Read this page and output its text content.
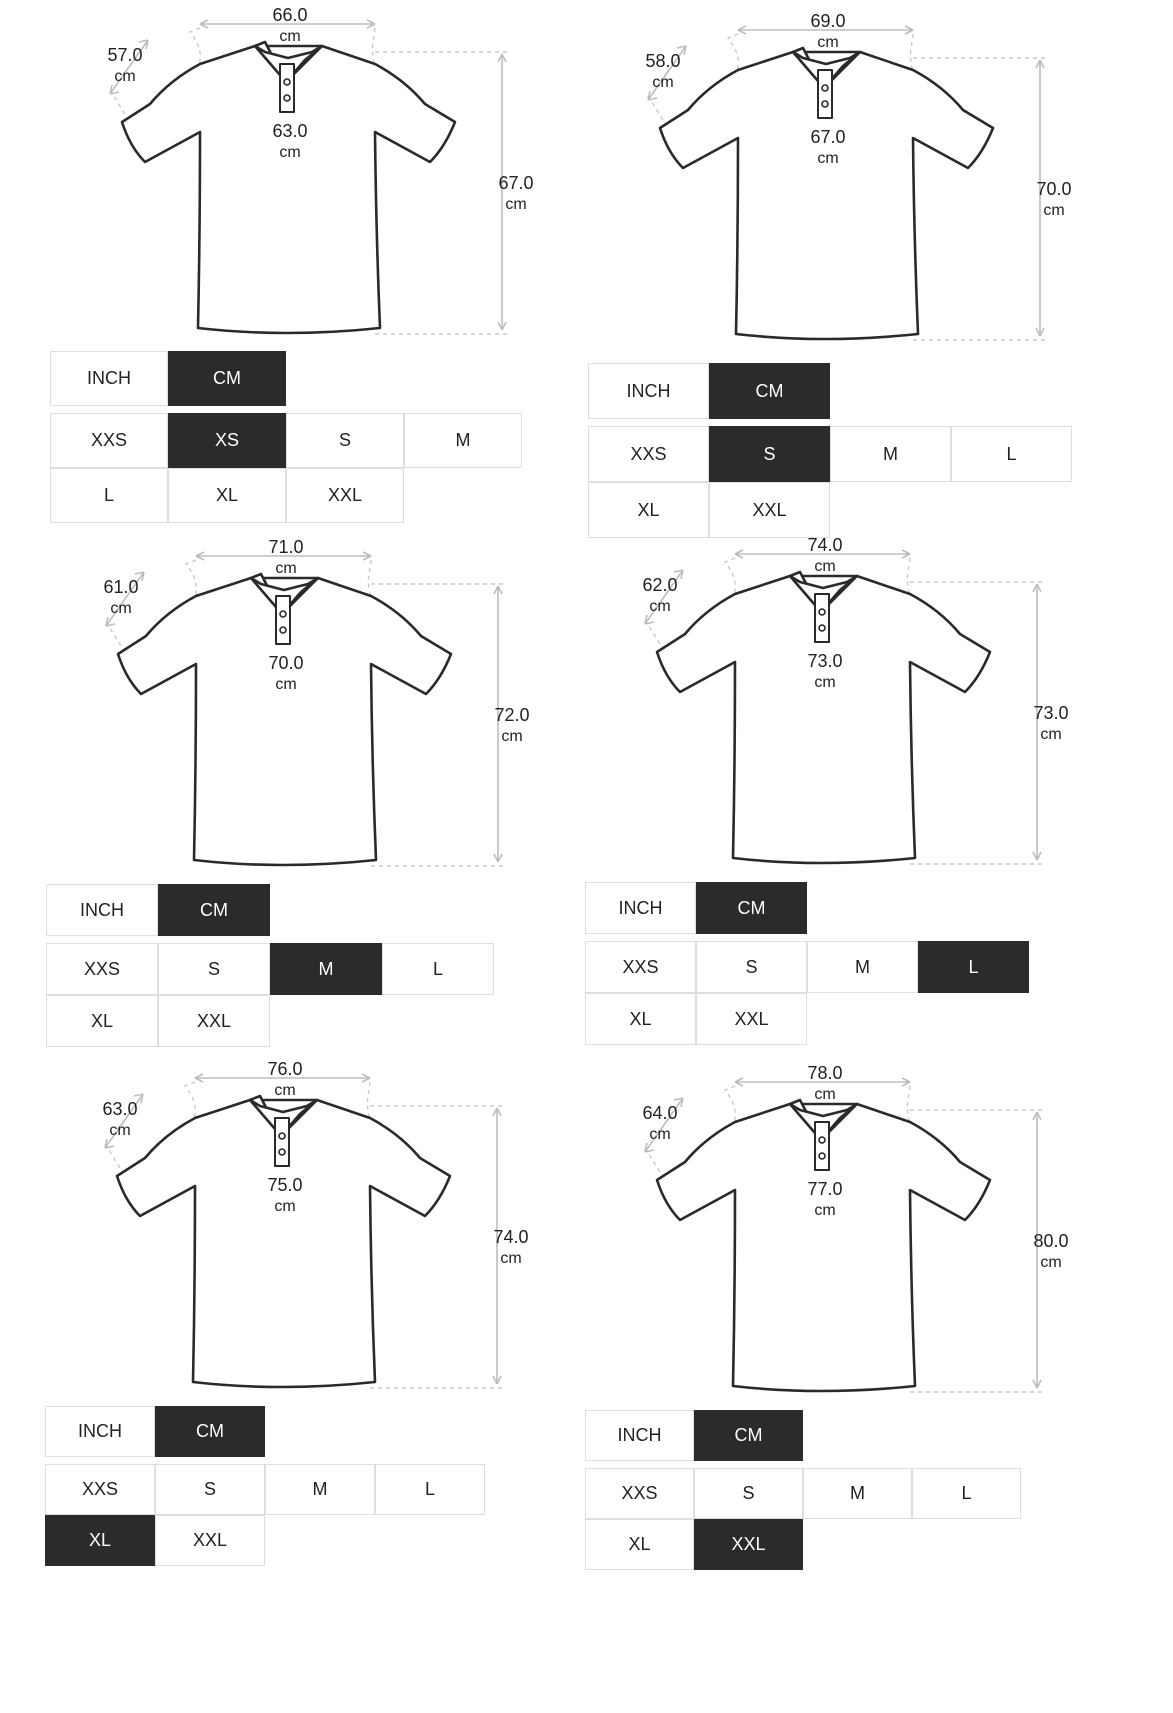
66.0
cm
57.0
cm
63.0
cm
67.0
cm
INCH	CM
XXS	XS	S	M
L	XL	XXL
69.0
cm
58.0
cm
67.0
cm
70.0
cm
INCH	CM
XXS	S	M	L
XL	XXL
71.0
cm
61.0
cm
70.0
cm
72.0
cm
INCH	CM
XXS	S	M	L
XL	XXL
74.0
cm
62.0
cm
73.0
cm
73.0
cm
INCH	CM
XXS	S	M	L
XL	XXL
76.0
cm
63.0
cm
75.0
cm
74.0
cm
INCH	CM
XXS	S	M	L
XL	XXL
78.0
cm
64.0
cm
77.0
cm
80.0
cm
INCH	CM
XXS	S	M	L
XL	XXL
